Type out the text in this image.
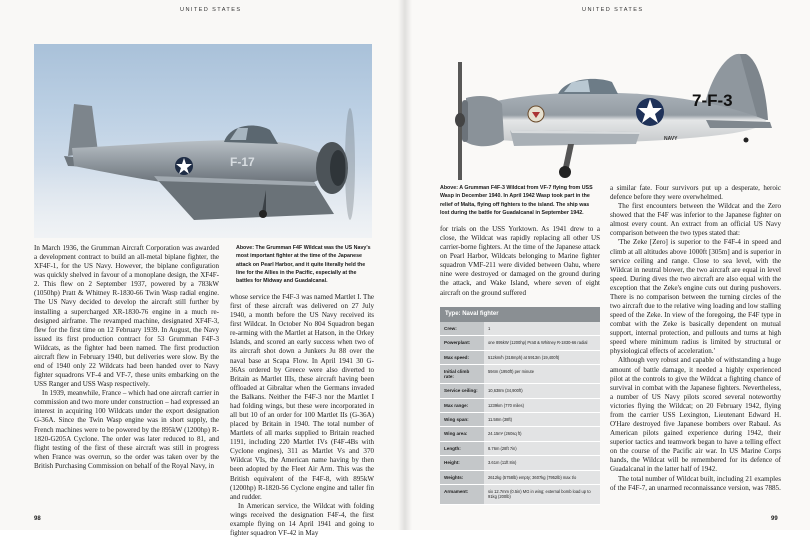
UNITED STATES
F-17

In March 1936, the Grumman Aircraft Corporation was awarded a development contract to build an all-metal biplane fighter, the XF4F-1, for the US Navy. However, the biplane configuration was quickly shelved in favour of a monoplane design, the XF4F-2. This flew on 2 September 1937, powered by a 783kW (1050hp) Pratt & Whitney R-1830-66 Twin Wasp radial engine. The US Navy decided to develop the aircraft still further by installing a supercharged XR-1830-76 engine in a much re-designed airframe. The revamped machine, designated XF4F-3, flew for the first time on 12 February 1939. In August, the Navy issued its first production contract for 53 Grumman F4F-3 Wildcats, as the fighter had been named. The first production aircraft flew in February 1940, but deliveries were slow. By the end of 1940 only 22 Wildcats had been handed over to Navy fighter squadrons VF-4 and VF-7, these units embarking on the USS Ranger and USS Wasp respectively.

In 1939, meanwhile, France – which had one aircraft carrier in commission and two more under construction – had expressed an interest in acquiring 100 Wildcats under the export designation G-36A. Since the Twin Wasp engine was in short supply, the French machines were to be powered by the 895kW (1200hp) R-1820-G205A Cyclone. The order was later reduced to 81, and flight testing of the first of these aircraft was still in progress when France was overrun, so the order was taken over by the British Purchasing Commission on behalf of the Royal Navy, in

Above: The Grumman F4F Wildcat was the US Navy's most important fighter at the time of the Japanese attack on Pearl Harbor, and it quite literally held the line for the Allies in the Pacific, especially at the battles for Midway and Guadalcanal.

whose service the F4F-3 was named Martlet I. The first of these aircraft was delivered on 27 July 1940, a month before the US Navy received its first Wildcat. In October No 804 Squadron began re-arming with the Martlet at Hatson, in the Orkey Islands, and scored an early success when two of its aircraft shot down a Junkers Ju 88 over the naval base at Scapa Flow. In April 1941 30 G-36As ordered by Greece were also diverted to Britain as Martlet IIIs, these aircraft having been offloaded at Gibraltar when the Germans invaded the Balkans. Neither the F4F-3 nor the Martlet I had folding wings, but these were incorporated in all but 10 of an order for 100 Martlet IIs (G-36A) placed by Britain in 1940. The total number of Martlets of all marks supplied to Britain reached 1191, including 220 Martlet IVs (F4F-4Bs with Cyclone engines), 311 as Martlet Vs and 370 Wildcat VIs, the American name having by then been adopted by the Fleet Air Arm. This was the British equivalent of the F4F-8, with 895kW (1200hp) R-1820-56 Cyclone engine and taller fin and rudder.

In American service, the Wildcat with folding wings received the designation F4F-4, the first example flying on 14 April 1941 and going to fighter squadron VF-42 in May

98
UNITED STATES
99
7-F-3
NAVY
Above: A Grumman F4F-3 Wildcat from VF-7 flying from USS Wasp in December 1940. In April 1942 Wasp took part in the relief of Malta, flying off fighters to the island. The ship was lost during the battle for Guadalcanal in September 1942.

for trials on the USS Yorktown. As 1941 drew to a close, the Wildcat was rapidly replacing all other US carrier-borne fighters. At the time of the Japanese attack on Pearl Harbor, Wildcats belonging to Marine fighter squadron VMF-211 were divided between Oahu, where nine were destroyed or damaged on the ground during the attack, and Wake Island, where seven of eight aircraft on the ground suffered

Type: Naval fighter
Crew:	1
Powerplant:	one 895kW (1200hp) Pratt & Whitney R-1830-66 radial
Max speed:	512km/h (318mph) at 5913m (19,400ft)
Initial climb rate:
594m (1950ft) per minute
Service ceiling:	10,638m (34,900ft)
Max range:	1239km (770 miles)
Wing span:	11.58m (38ft)
Wing area:	24.15m² (260sq ft)
Length:	8.76m (28ft 7in)
Height:	3.61m (11ft 8in)
Weights:	2612kg (5758lb) empty; 3607kg (7952lb) max t/o
Armament:	six 12.7mm (0.5in) MG in wing; external bomb load up to 91kg (200lb)

a similar fate. Four survivors put up a desperate, heroic defence before they were overwhelmed.

The first encounters between the Wildcat and the Zero showed that the F4F was inferior to the Japanese fighter on almost every count. An extract from an official US Navy comparison between the two types stated that:

'The Zeke [Zero] is superior to the F4F-4 in speed and climb at all altitudes above 1000ft [305m] and is superior in service ceiling and range. Close to sea level, with the Wildcat in neutral blower, the two aircraft are equal in level speed. During dives the two aircraft are also equal with the exception that the Zeke's engine cuts out during pushovers. There is no comparison between the turning circles of the two aircraft due to the relative wing loading and low stalling speed of the Zeke. In view of the foregoing, the F4F type in combat with the Zeke is basically dependent on mutual support, internal protection, and pullouts and turns at high speed where minimum radius is limited by structural or physiological effects of acceleration.'

Although very robust and capable of withstanding a huge amount of battle damage, it needed a highly experienced pilot at the controls to give the Wildcat a fighting chance of survival in combat with the Japanese fighters. Nevertheless, a number of US Navy pilots scored several noteworthy victories flying the Wildcat; on 20 February 1942, flying from the carrier USS Lexington, Lieutenant Edward H. O'Hare destroyed five Japanese bombers over Rabaul. As American pilots gained experience during 1942, their superior tactics and teamwork began to have a telling effect on the course of the Pacific air war. In US Marine Corps hands, the Wildcat will be remembered for its defence of Guadalcanal in the latter half of 1942.

The total number of Wildcat built, including 21 examples of the F4F-7, an unarmed reconnaissance version, was 7885.
